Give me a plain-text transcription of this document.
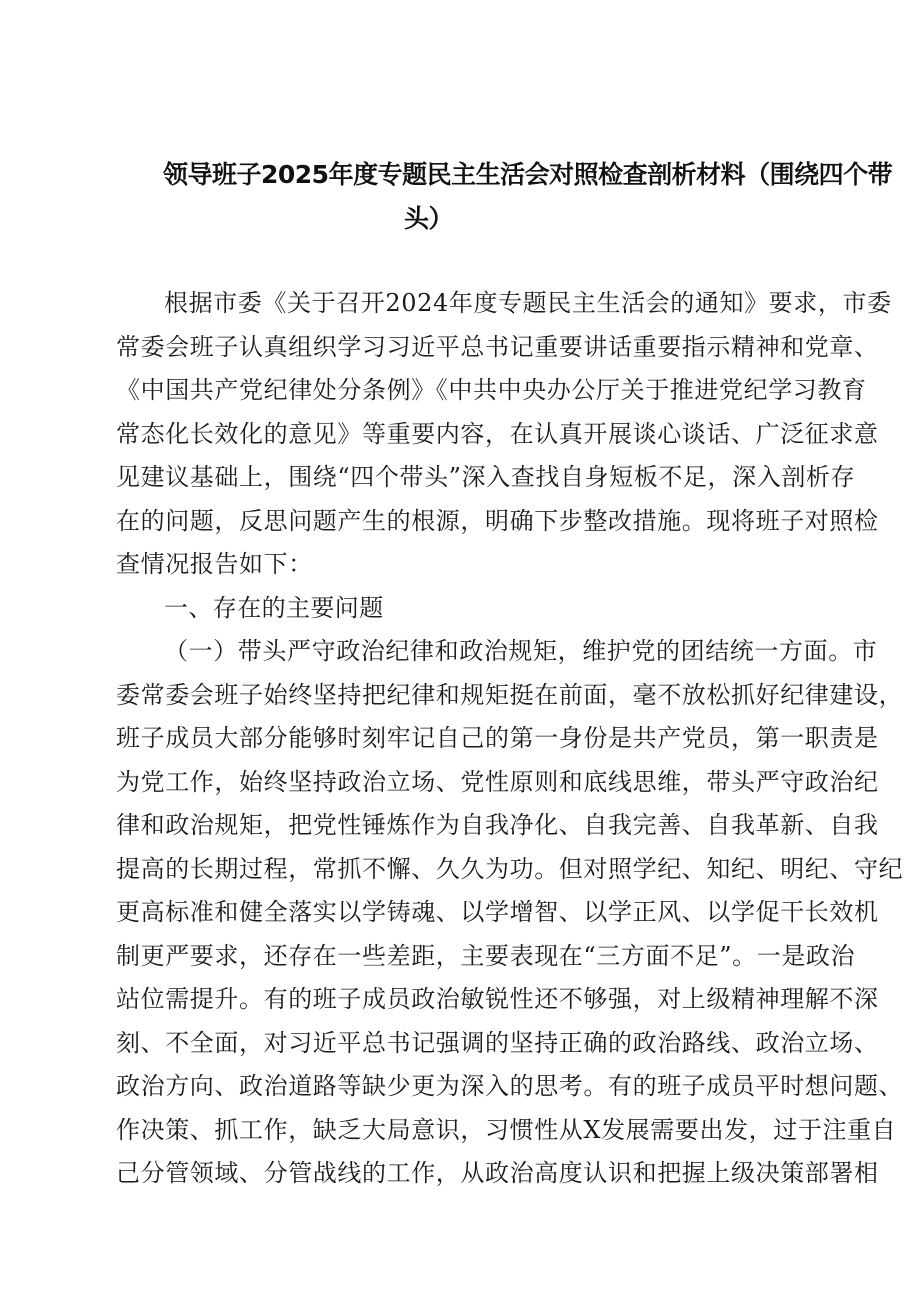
领导班子2025年度专题民主生活会对照检查剖析材料（围绕四个带
头）
根据市委《关于召开2024年度专题民主生活会的通知》要求，市委
常委会班子认真组织学习习近平总书记重要讲话重要指示精神和党章、
《中国共产党纪律处分条例》《中共中央办公厅关于推进党纪学习教育
常态化长效化的意见》等重要内容，在认真开展谈心谈话、广泛征求意
见建议基础上，围绕“四个带头”深入查找自身短板不足，深入剖析存
在的问题，反思问题产生的根源，明确下步整改措施。现将班子对照检
查情况报告如下：
一、存在的主要问题
（一）带头严守政治纪律和政治规矩，维护党的团结统一方面。市
委常委会班子始终坚持把纪律和规矩挺在前面，毫不放松抓好纪律建设，
班子成员大部分能够时刻牢记自己的第一身份是共产党员，第一职责是
为党工作，始终坚持政治立场、党性原则和底线思维，带头严守政治纪
律和政治规矩，把党性锤炼作为自我净化、自我完善、自我革新、自我
提高的长期过程，常抓不懈、久久为功。但对照学纪、知纪、明纪、守纪
更高标准和健全落实以学铸魂、以学增智、以学正风、以学促干长效机
制更严要求，还存在一些差距，主要表现在“三方面不足”。一是政治
站位需提升。有的班子成员政治敏锐性还不够强，对上级精神理解不深
刻、不全面，对习近平总书记强调的坚持正确的政治路线、政治立场、
政治方向、政治道路等缺少更为深入的思考。有的班子成员平时想问题、
作决策、抓工作，缺乏大局意识，习惯性从X发展需要出发，过于注重自
己分管领域、分管战线的工作，从政治高度认识和把握上级决策部署相
